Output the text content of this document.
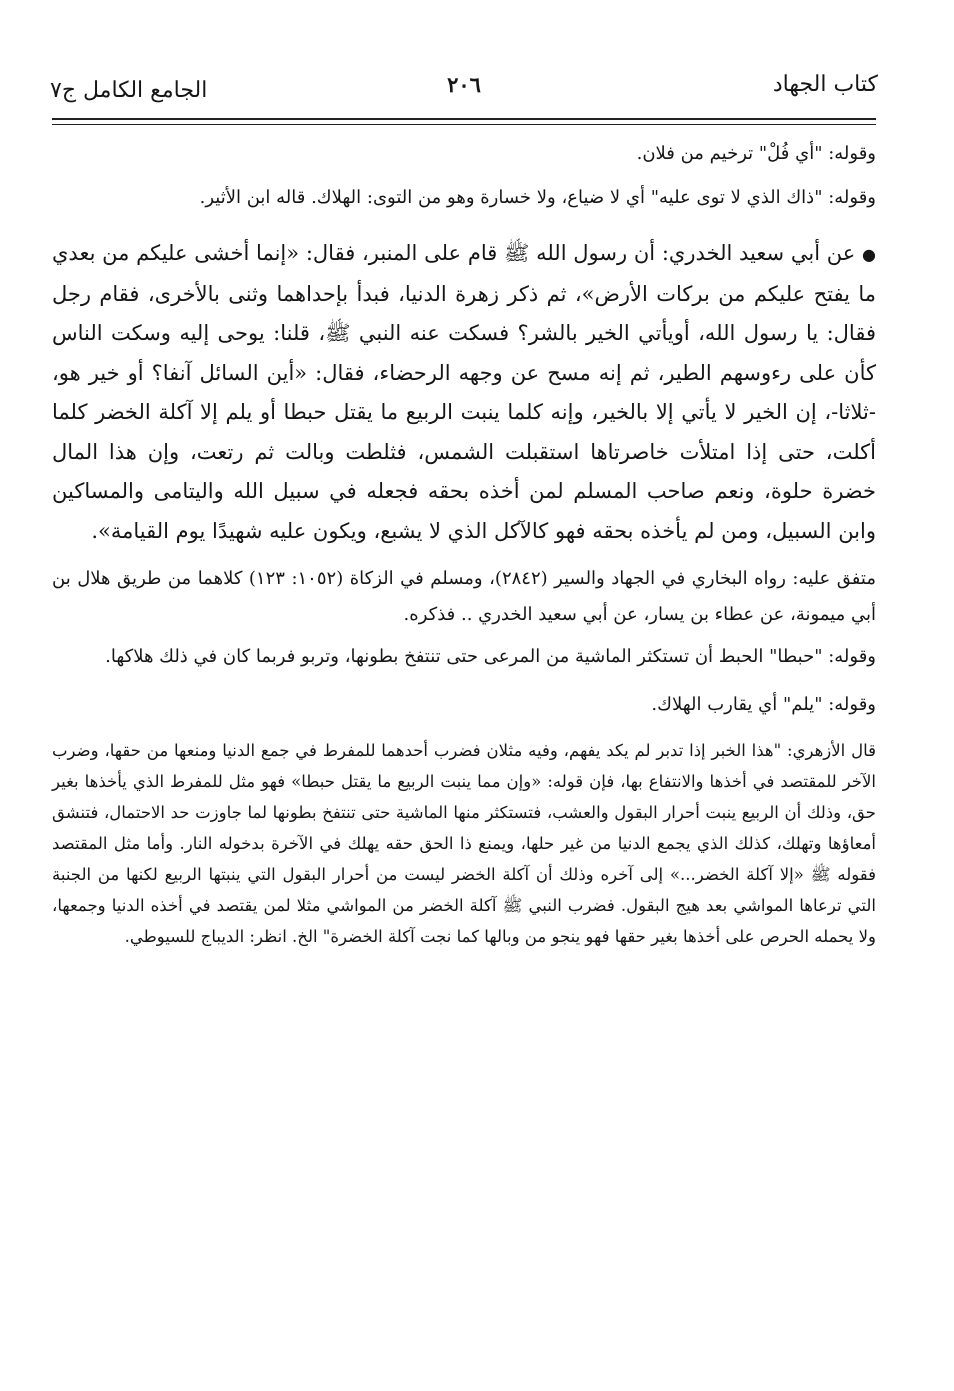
كتاب الجهاد
٢٠٦
الجامع الكامل ج٧

وقوله: "أي فُلْ" ترخيم من فلان.

وقوله: "ذاك الذي لا توى عليه" أي لا ضياع، ولا خسارة وهو من التوى: الهلاك. قاله ابن الأثير.

● عن أبي سعيد الخدري: أن رسول الله ﷺ قام على المنبر، فقال: «إنما أخشى عليكم من بعدي ما يفتح عليكم من بركات الأرض»، ثم ذكر زهرة الدنيا، فبدأ بإحداهما وثنى بالأخرى، فقام رجل فقال: يا رسول الله، أويأتي الخير بالشر؟ فسكت عنه النبي ﷺ، قلنا: يوحى إليه وسكت الناس كأن على رءوسهم الطير، ثم إنه مسح عن وجهه الرحضاء، فقال: «أين السائل آنفا؟ أو خير هو، -ثلاثا-، إن الخير لا يأتي إلا بالخير، وإنه كلما ينبت الربيع ما يقتل حبطا أو يلم إلا آكلة الخضر كلما أكلت، حتى إذا امتلأت خاصرتاها استقبلت الشمس، فثلطت وبالت ثم رتعت، وإن هذا المال خضرة حلوة، ونعم صاحب المسلم لمن أخذه بحقه فجعله في سبيل الله واليتامى والمساكين وابن السبيل، ومن لم يأخذه بحقه فهو كالآكل الذي لا يشبع، ويكون عليه شهيدًا يوم القيامة».

متفق عليه: رواه البخاري في الجهاد والسير (٢٨٤٢)، ومسلم في الزكاة (١٠٥٢: ١٢٣) كلاهما من طريق هلال بن أبي ميمونة، عن عطاء بن يسار، عن أبي سعيد الخدري .. فذكره.

وقوله: "حبطا" الحبط أن تستكثر الماشية من المرعى حتى تنتفخ بطونها، وتربو فربما كان في ذلك هلاكها.

وقوله: "يلم" أي يقارب الهلاك.

قال الأزهري: "هذا الخبر إذا تدبر لم يكد يفهم، وفيه مثلان فضرب أحدهما للمفرط في جمع الدنيا ومنعها من حقها، وضرب الآخر للمقتصد في أخذها والانتفاع بها، فإن قوله: «وإن مما ينبت الربيع ما يقتل حبطا» فهو مثل للمفرط الذي يأخذها بغير حق، وذلك أن الربيع ينبت أحرار البقول والعشب، فتستكثر منها الماشية حتى تنتفخ بطونها لما جاوزت حد الاحتمال، فتنشق أمعاؤها وتهلك، كذلك الذي يجمع الدنيا من غير حلها، ويمنع ذا الحق حقه يهلك في الآخرة بدخوله النار. وأما مثل المقتصد فقوله ﷺ «إلا آكلة الخضر...» إلى آخره وذلك أن آكلة الخضر ليست من أحرار البقول التي ينبتها الربيع لكنها من الجنبة التي ترعاها المواشي بعد هيج البقول. فضرب النبي ﷺ آكلة الخضر من المواشي مثلا لمن يقتصد في أخذه الدنيا وجمعها، ولا يحمله الحرص على أخذها بغير حقها فهو ينجو من وبالها كما نجت آكلة الخضرة" الخ. انظر: الديباج للسيوطي.
